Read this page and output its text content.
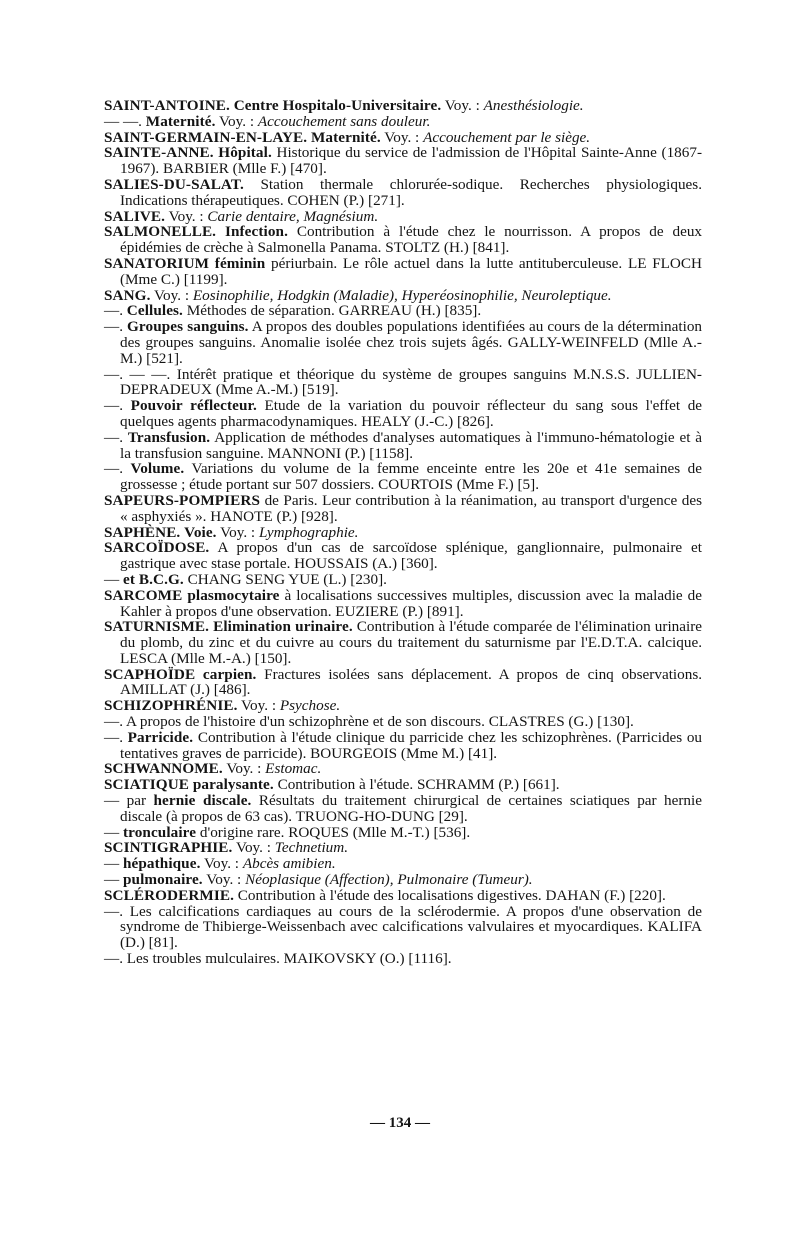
SAINT-ANTOINE. Centre Hospitalo-Universitaire. Voy. : Anesthésiologie.

— —. Maternité. Voy. : Accouchement sans douleur.

SAINT-GERMAIN-EN-LAYE. Maternité. Voy. : Accouchement par le siège.

SAINTE-ANNE. Hôpital. Historique du service de l'admission de l'Hôpital Sainte-Anne (1867-1967). BARBIER (Mlle F.) [470].

SALIES-DU-SALAT. Station thermale chlorurée-sodique. Recherches physiologiques. Indications thérapeutiques. COHEN (P.) [271].

SALIVE. Voy. : Carie dentaire, Magnésium.

SALMONELLE. Infection. Contribution à l'étude chez le nourrisson. A propos de deux épidémies de crèche à Salmonella Panama. STOLTZ (H.) [841].

SANATORIUM féminin périurbain. Le rôle actuel dans la lutte antituberculeuse. LE FLOCH (Mme C.) [1199].

SANG. Voy. : Eosinophilie, Hodgkin (Maladie), Hyperéosinophilie, Neuroleptique.

—. Cellules. Méthodes de séparation. GARREAU (H.) [835].

—. Groupes sanguins. A propos des doubles populations identifiées au cours de la détermination des groupes sanguins. Anomalie isolée chez trois sujets âgés. GALLY-WEINFELD (Mlle A.-M.) [521].

—. — —. Intérêt pratique et théorique du système de groupes sanguins M.N.S.S. JULLIEN-DEPRADEUX (Mme A.-M.) [519].

—. Pouvoir réflecteur. Etude de la variation du pouvoir réflecteur du sang sous l'effet de quelques agents pharmacodynamiques. HEALY (J.-C.) [826].

—. Transfusion. Application de méthodes d'analyses automatiques à l'immuno-hématologie et à la transfusion sanguine. MANNONI (P.) [1158].

—. Volume. Variations du volume de la femme enceinte entre les 20e et 41e semaines de grossesse ; étude portant sur 507 dossiers. COURTOIS (Mme F.) [5].

SAPEURS-POMPIERS de Paris. Leur contribution à la réanimation, au transport d'urgence des « asphyxiés ». HANOTE (P.) [928].

SAPHÈNE. Voie. Voy. : Lymphographie.

SARCOÏDOSE. A propos d'un cas de sarcoïdose splénique, ganglionnaire, pulmonaire et gastrique avec stase portale. HOUSSAIS (A.) [360].

— et B.C.G. CHANG SENG YUE (L.) [230].

SARCOME plasmocytaire à localisations successives multiples, discussion avec la maladie de Kahler à propos d'une observation. EUZIERE (P.) [891].

SATURNISME. Elimination urinaire. Contribution à l'étude comparée de l'élimination urinaire du plomb, du zinc et du cuivre au cours du traitement du saturnisme par l'E.D.T.A. calcique. LESCA (Mlle M.-A.) [150].

SCAPHOÏDE carpien. Fractures isolées sans déplacement. A propos de cinq observations. AMILLAT (J.) [486].

SCHIZOPHRÉNIE. Voy. : Psychose.

—. A propos de l'histoire d'un schizophrène et de son discours. CLASTRES (G.) [130].

—. Parricide. Contribution à l'étude clinique du parricide chez les schizophrènes. (Parricides ou tentatives graves de parricide). BOURGEOIS (Mme M.) [41].

SCHWANNOME. Voy. : Estomac.

SCIATIQUE paralysante. Contribution à l'étude. SCHRAMM (P.) [661].

— par hernie discale. Résultats du traitement chirurgical de certaines sciatiques par hernie discale (à propos de 63 cas). TRUONG-HO-DUNG [29].

— tronculaire d'origine rare. ROQUES (Mlle M.-T.) [536].

SCINTIGRAPHIE. Voy. : Technetium.

— hépathique. Voy. : Abcès amibien.

— pulmonaire. Voy. : Néoplasique (Affection), Pulmonaire (Tumeur).

SCLÉRODERMIE. Contribution à l'étude des localisations digestives. DAHAN (F.) [220].

—. Les calcifications cardiaques au cours de la sclérodermie. A propos d'une observation de syndrome de Thibierge-Weissenbach avec calcifications valvulaires et myocardiques. KALIFA (D.) [81].

—. Les troubles mulculaires. MAIKOVSKY (O.) [1116].

— 134 —
